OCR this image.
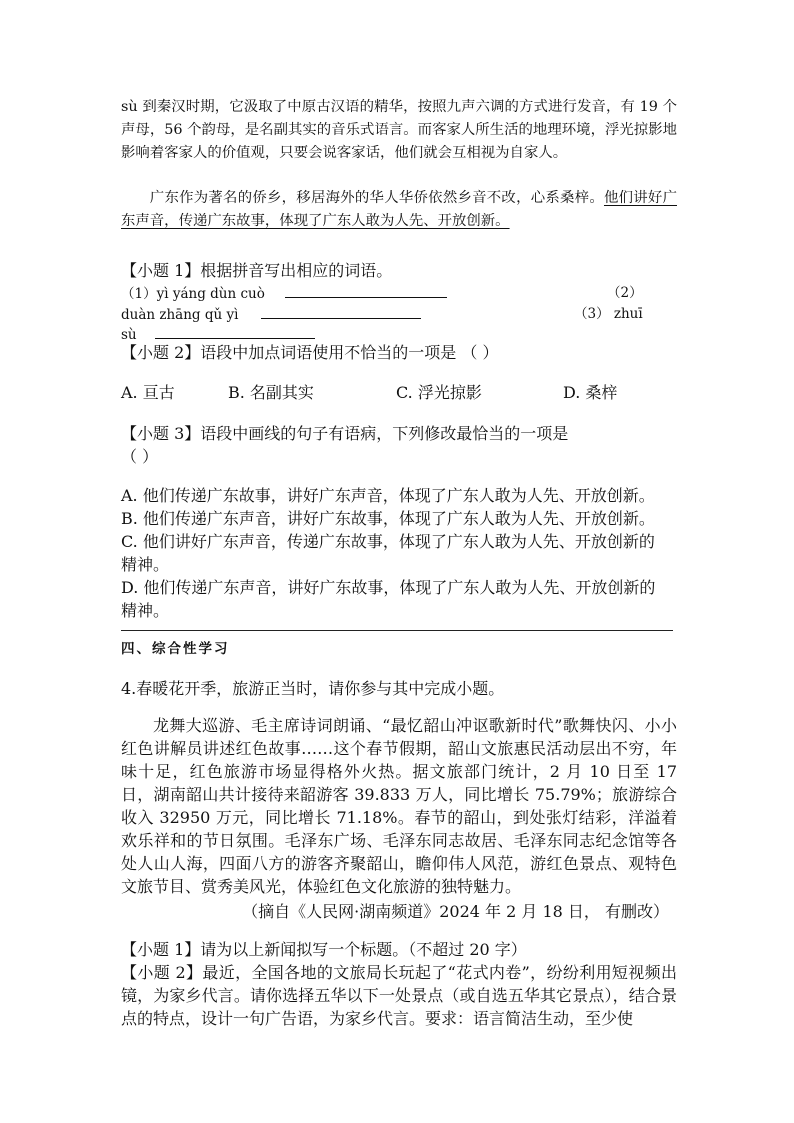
sù 到秦汉时期，它汲取了中原古汉语的精华，按照九声六调的方式进行发音，有 19 个声母，56 个韵母，是名副其实的音乐式语言。而客家人所生活的地理环境，浮光掠影地影响着客家人的价值观，只要会说客家话，他们就会互相视为自家人。

广东作为著名的侨乡，移居海外的华人华侨依然乡音不改，心系桑梓。他们讲好广东声音，传递广东故事，体现了广东人敢为人先、开放创新。

【小题 1】根据拼音写出相应的词语。
（1）yì yáng dùn cuò	（2）
duàn zhāng qǔ yì	（3） zhuī
sù
【小题 2】语段中加点词语使用不恰当的一项是 （ ）
A. 亘古	B. 名副其实	C. 浮光掠影	D. 桑梓
【小题 3】语段中画线的句子有语病，下列修改最恰当的一项是
（ ）
A. 他们传递广东故事，讲好广东声音，体现了广东人敢为人先、开放创新。
B. 他们传递广东声音，讲好广东故事，体现了广东人敢为人先、开放创新。
C. 他们讲好广东声音，传递广东故事，体现了广东人敢为人先、开放创新的
精神。
D. 他们传递广东声音，讲好广东故事，体现了广东人敢为人先、开放创新的
精神。
四、综合性学习
4.春暖花开季，旅游正当时，请你参与其中完成小题。
龙舞大巡游、毛主席诗词朗诵、“最忆韶山冲讴歌新时代”歌舞快闪、小小红色讲解员讲述红色故事……这个春节假期，韶山文旅惠民活动层出不穷，年味十足，红色旅游市场显得格外火热。据文旅部门统计，2 月 10 日至 17 日，湖南韶山共计接待来韶游客 39.833 万人，同比增长 75.79%；旅游综合收入 32950 万元，同比增长 71.18%。春节的韶山，到处张灯结彩，洋溢着欢乐祥和的节日氛围。毛泽东广场、毛泽东同志故居、毛泽东同志纪念馆等各处人山人海，四面八方的游客齐聚韶山，瞻仰伟人风范，游红色景点、观特色文旅节目、赏秀美风光，体验红色文化旅游的独特魅力。
（摘自《人民网·湖南频道》2024 年 2 月 18 日， 有删改）
【小题 1】请为以上新闻拟写一个标题。（不超过 20 字）
【小题 2】最近，全国各地的文旅局长玩起了“花式内卷”，纷纷利用短视频出镜，为家乡代言。请你选择五华以下一处景点（或自选五华其它景点），结合景点的特点，设计一句广告语，为家乡代言。要求：语言简洁生动，至少使
